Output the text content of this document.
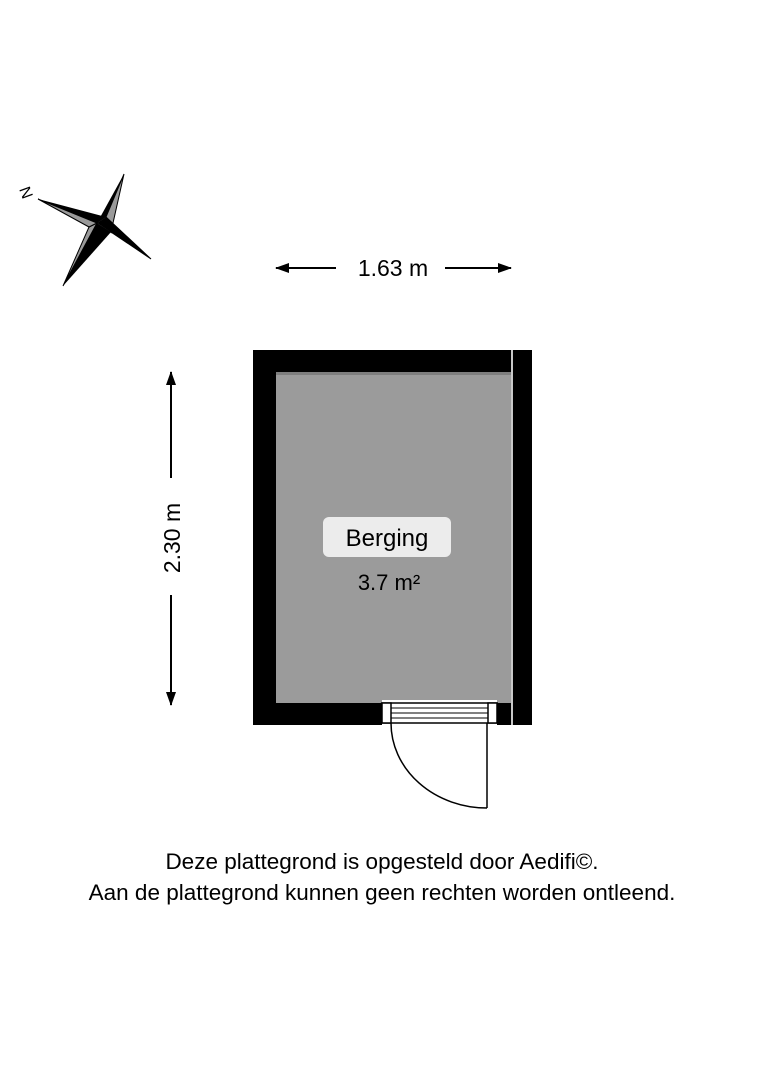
N
1.63 m
2.30 m	Berging
3.7 m²
Deze plattegrond is opgesteld door Aedifi©.
Aan de plattegrond kunnen geen rechten worden ontleend.
